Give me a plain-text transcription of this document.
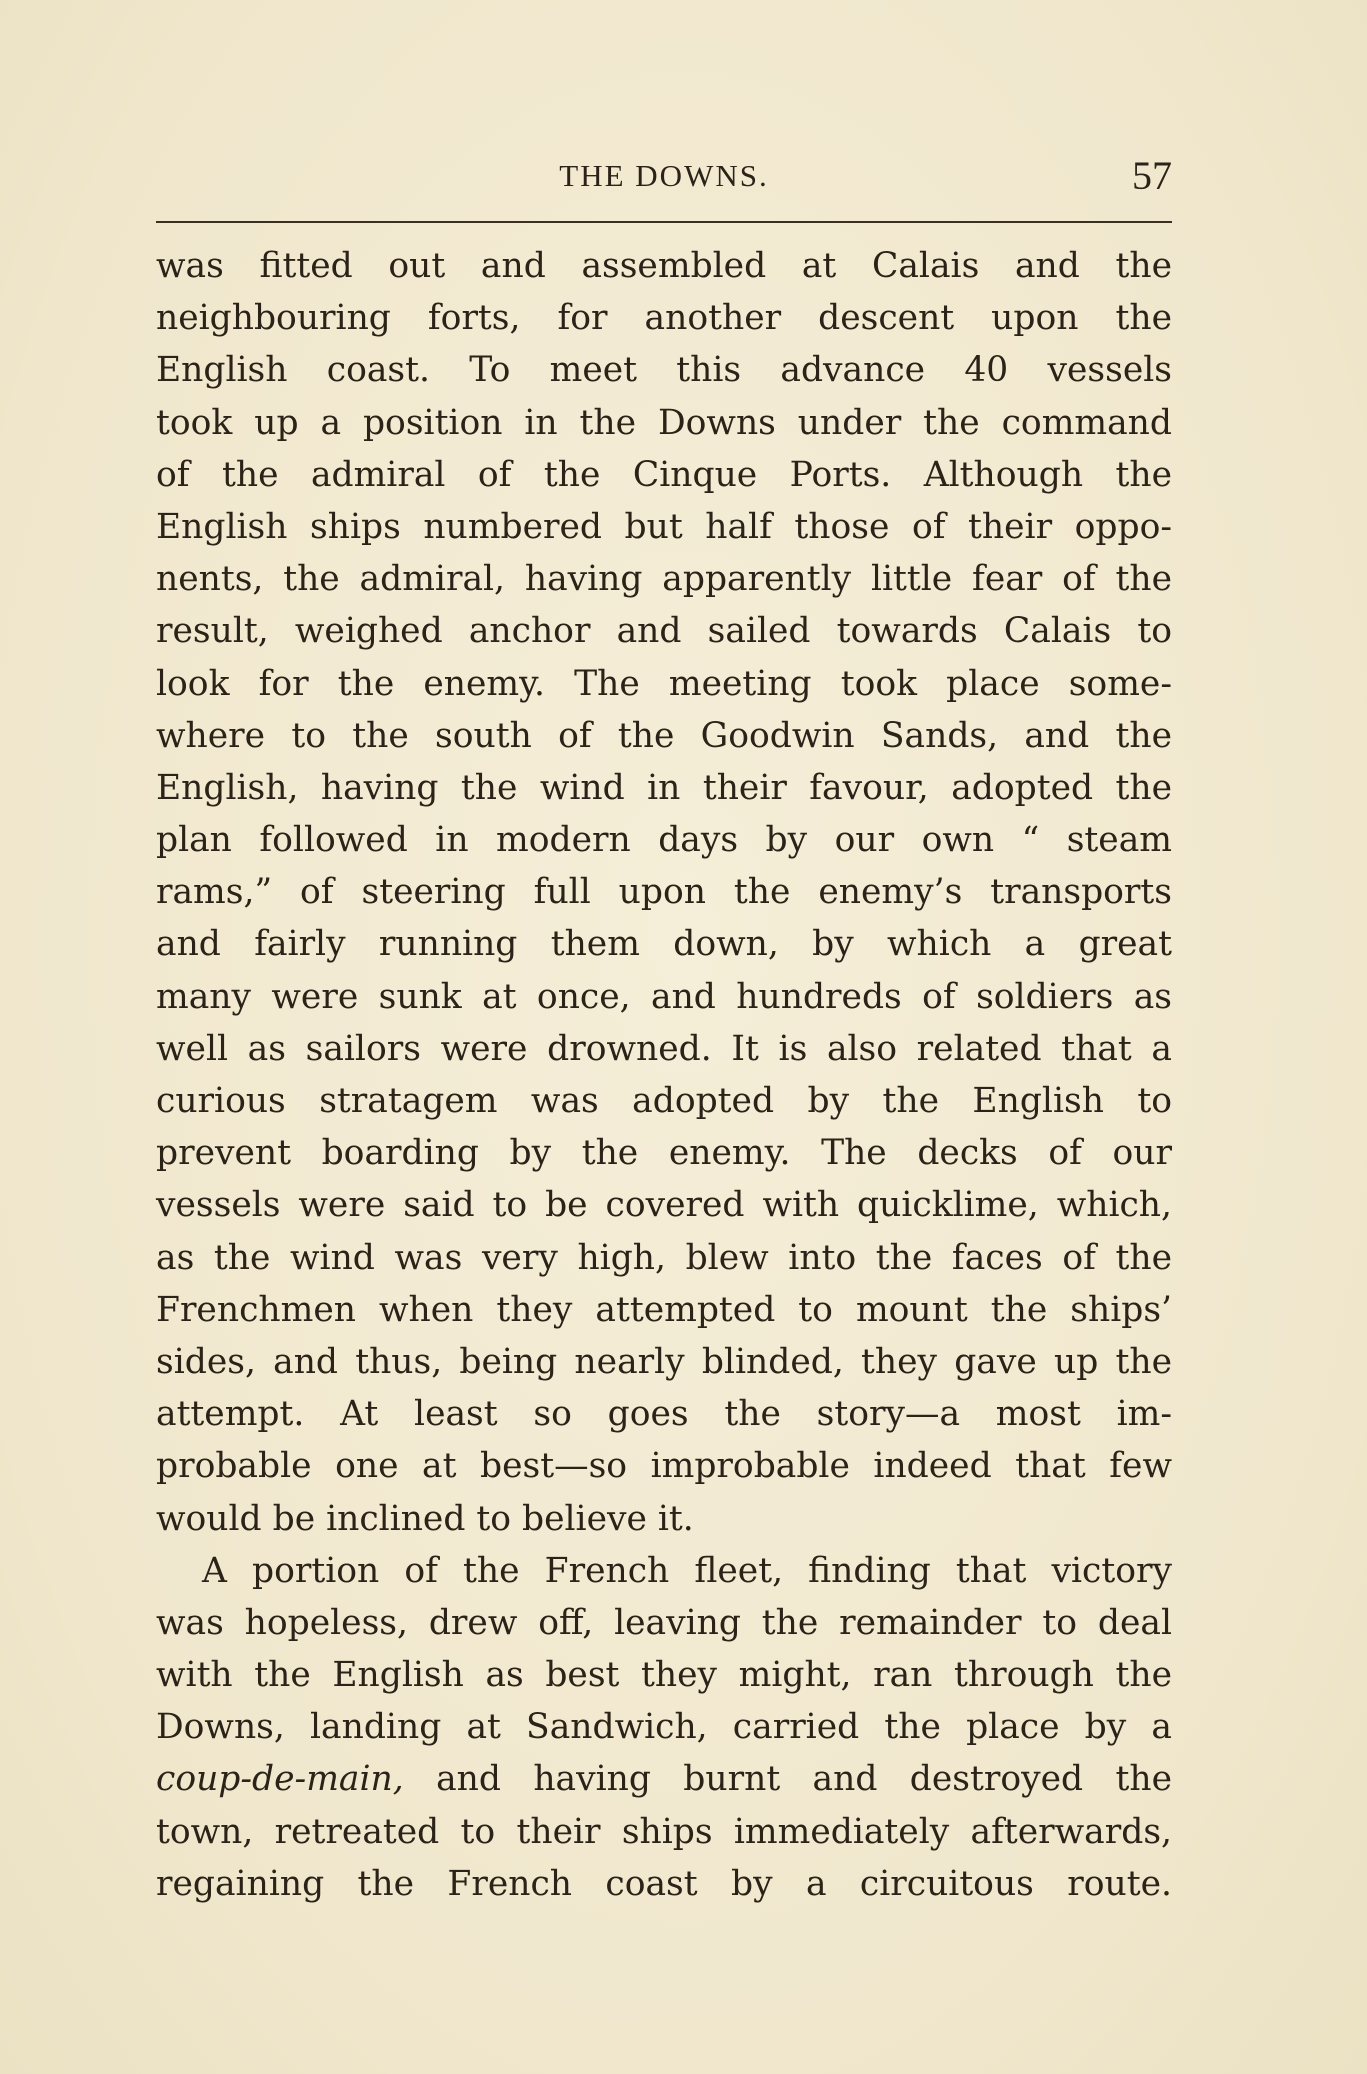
THE DOWNS.	57
was fitted out and assembled at Calais and the
neighbouring forts, for another descent upon the
English coast. To meet this advance 40 vessels
took up a position in the Downs under the command
of the admiral of the Cinque Ports. Although the
English ships numbered but half those of their oppo-
nents, the admiral, having apparently little fear of the
result, weighed anchor and sailed towards Calais to
look for the enemy. The meeting took place some-
where to the south of the Goodwin Sands, and the
English, having the wind in their favour, adopted the
plan followed in modern days by our own “ steam
rams,” of steering full upon the enemy’s transports
and fairly running them down, by which a great
many were sunk at once, and hundreds of soldiers as
well as sailors were drowned. It is also related that a
curious stratagem was adopted by the English to
prevent boarding by the enemy. The decks of our
vessels were said to be covered with quicklime, which,
as the wind was very high, blew into the faces of the
Frenchmen when they attempted to mount the ships’
sides, and thus, being nearly blinded, they gave up the
attempt. At least so goes the story—a most im-
probable one at best—so improbable indeed that few
would be inclined to believe it.
A portion of the French fleet, finding that victory
was hopeless, drew off, leaving the remainder to deal
with the English as best they might, ran through the
Downs, landing at Sandwich, carried the place by a
coup-de-main, and having burnt and destroyed the
town, retreated to their ships immediately afterwards,
regaining the French coast by a circuitous route.
